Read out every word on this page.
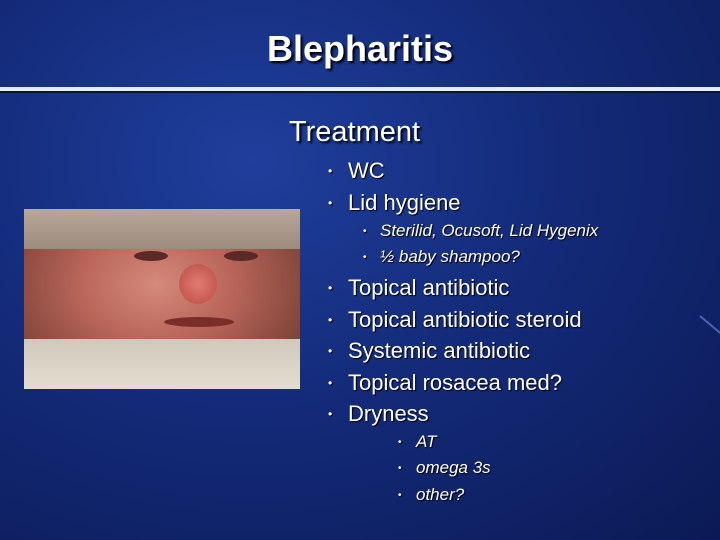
Blepharitis
Treatment
• WC
• Lid hygiene
• Sterilid, Ocusoft, Lid Hygenix
• ½ baby shampoo?
• Topical antibiotic
• Topical antibiotic steroid
• Systemic antibiotic
• Topical rosacea med?
• Dryness
• AT
• omega 3s
• other?
